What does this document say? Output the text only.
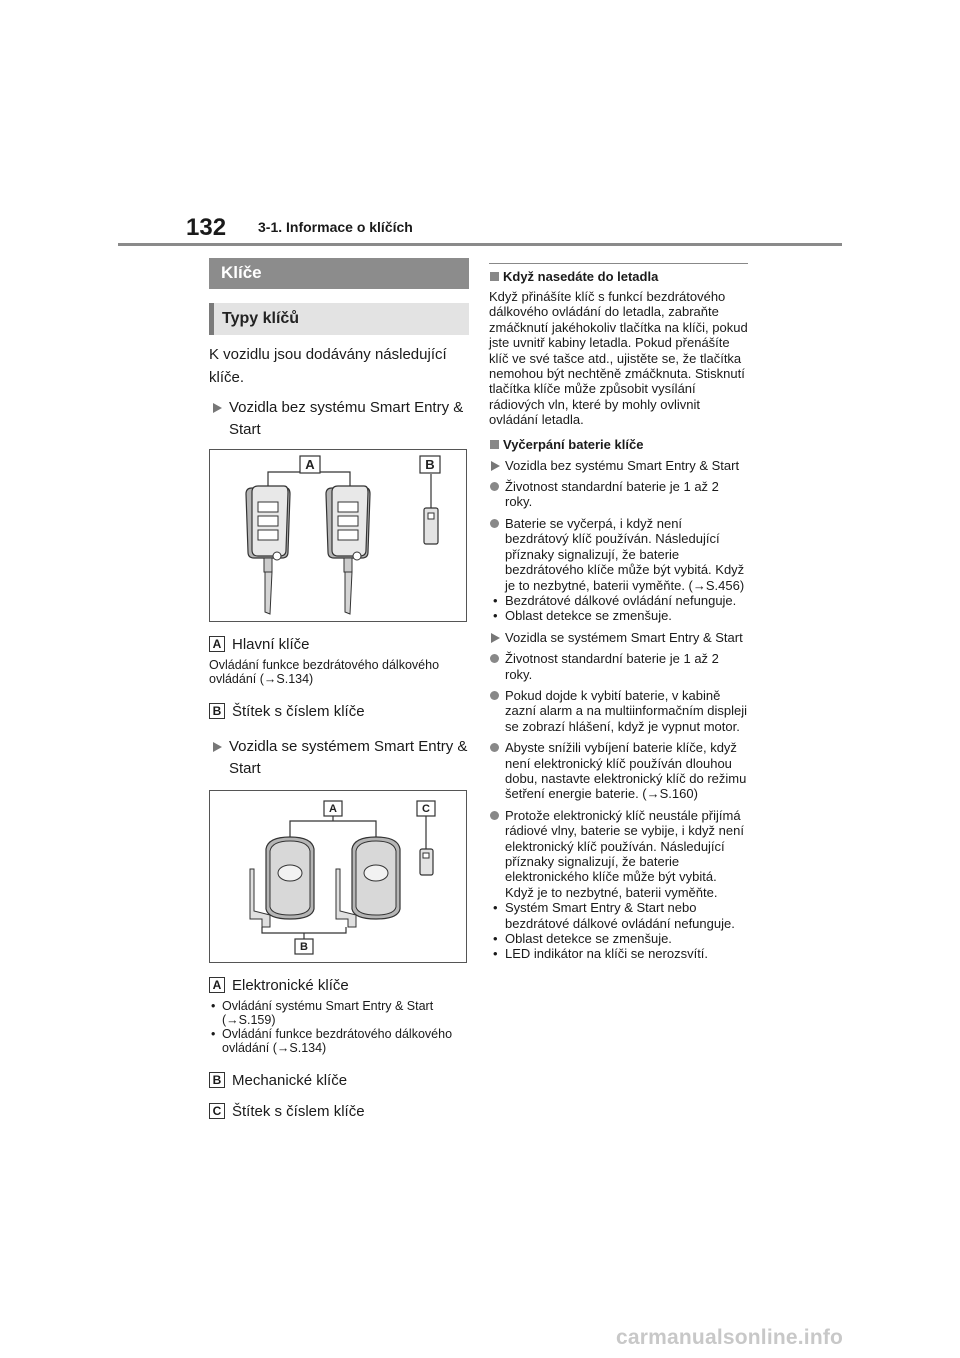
132 3-1. Informace o klíčích
Klíče
Typy klíčů
K vozidlu jsou dodávány následující klíče.
Vozidla bez systému Smart Entry & Start
A	B
A Hlavní klíče
Ovládání funkce bezdrátového dálkového ovládání (→S.134)
B Štítek s číslem klíče
Vozidla se systémem Smart Entry & Start
A	C
B
A Elektronické klíče
• Ovládání systému Smart Entry & Start (→S.159)
• Ovládání funkce bezdrátového dálkového ovládání (→S.134)
B Mechanické klíče
C Štítek s číslem klíče
Když nasedáte do letadla
Když přinášíte klíč s funkcí bezdrátového dálkového ovládání do letadla, zabraňte zmáčknutí jakéhokoliv tlačítka na klíči, pokud jste uvnitř kabiny letadla. Pokud přenášíte klíč ve své tašce atd., ujistěte se, že tlačítka nemohou být nechtěně zmáčknuta. Stisknutí tlačítka klíče může způsobit vysílání rádiových vln, které by mohly ovlivnit ovládání letadla.
Vyčerpání baterie klíče
Vozidla bez systému Smart Entry & Start
Životnost standardní baterie je 1 až 2 roky.
Baterie se vyčerpá, i když není bezdrátový klíč používán. Následující příznaky signalizují, že baterie bezdrátového klíče může být vybitá. Když je to nezbytné, baterii vyměňte. (→S.456)
• Bezdrátové dálkové ovládání nefunguje.
• Oblast detekce se zmenšuje.
Vozidla se systémem Smart Entry & Start
Životnost standardní baterie je 1 až 2 roky.
Pokud dojde k vybití baterie, v kabině zazní alarm a na multiinformačním displeji se zobrazí hlášení, když je vypnut motor.
Abyste snížili vybíjení baterie klíče, když není elektronický klíč používán dlouhou dobu, nastavte elektronický klíč do režimu šetření energie baterie. (→S.160)
Protože elektronický klíč neustále přijímá rádiové vlny, baterie se vybije, i když není elektronický klíč používán. Následující příznaky signalizují, že baterie elektronického klíče může být vybitá. Když je to nezbytné, baterii vyměňte.
• Systém Smart Entry & Start nebo bezdrátové dálkové ovládání nefunguje.
• Oblast detekce se zmenšuje.
• LED indikátor na klíči se nerozsvítí.
carmanualsonline.info
